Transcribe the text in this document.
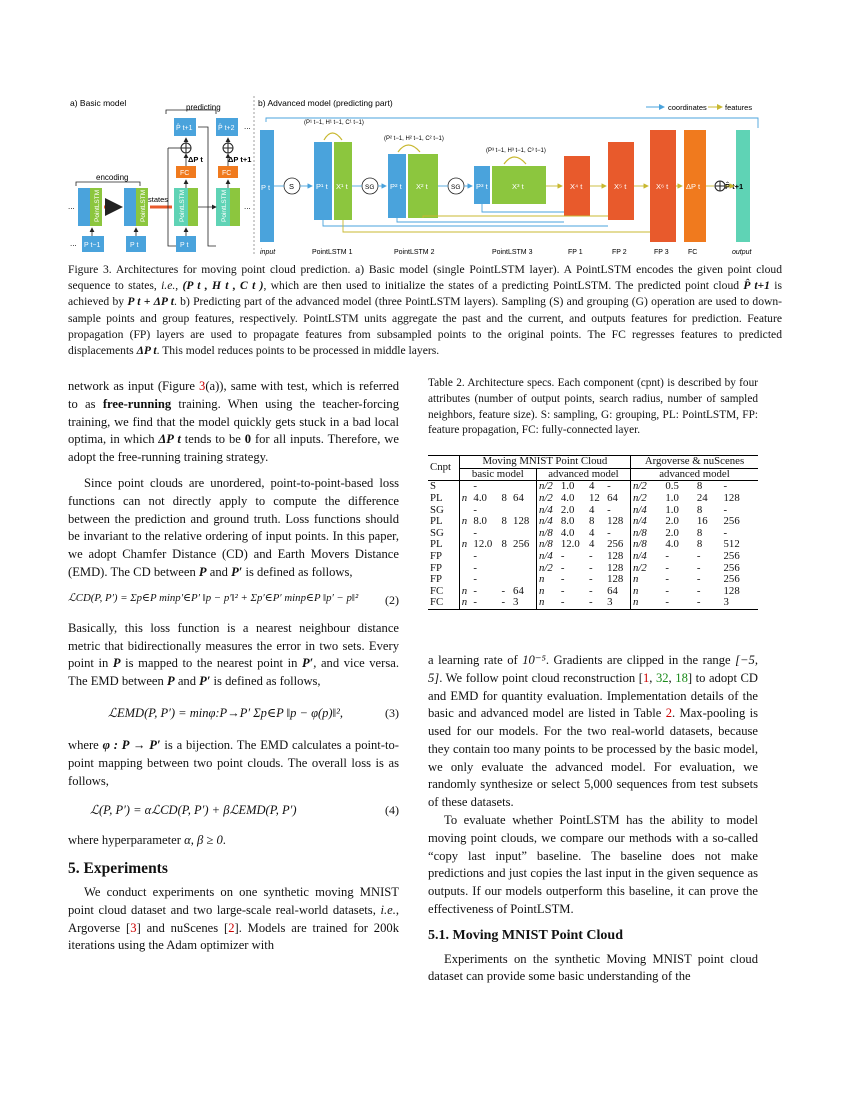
a) Basic model	predicting
encoding
states
PointLSTM	PointLSTM
...
P t−1
...	P t
PointLSTM	PointLSTM
FC	FC
ΔP t	ΔP t+1
P̂ t+1	P̂ t+2
P t
...
...
b) Advanced model (predicting part)	coordinates features
P t	S	P¹ t X¹ t
(P¹ t−1, H¹ t−1, C¹ t−1)
SG P² t X² t
(P² t−1, H² t−1, C² t−1)
SG P³ t	X³ t
(P³ t−1, H³ t−1, C³ t−1)
X⁴ t	X⁵ t	X⁶ t ΔP t	P̂ t+1
input	PointLSTM 1	PointLSTM 2	PointLSTM 3	FP 1	FP 2	FP 3	FC	output
Figure 3. Architectures for moving point cloud prediction. a) Basic model (single PointLSTM layer). A PointLSTM encodes the given point cloud sequence to states, i.e., (P t , H t , C t ), which are then used to initialize the states of a predicting PointLSTM. The predicted point cloud P̂ t+1 is achieved by P t + ΔP t. b) Predicting part of the advanced model (three PointLSTM layers). Sampling (S) and grouping (G) operation are used to down-sample points and group features, respectively. PointLSTM units aggregate the past and the current, and outputs features for prediction. Feature propagation (FP) layers are used to propagate features from subsampled points to the original points. The FC regresses features to predicted displacements ΔP t. This model reduces points to be processed in middle layers.

network as input (Figure 3(a)), same with test, which is referred to as free-running training. When using the teacher-forcing training, we find that the model quickly gets stuck in a bad local optima, in which ΔP t tends to be 0 for all inputs. Therefore, we adopt the free-running training strategy.

Since point clouds are unordered, point-to-point-based loss functions can not directly apply to compute the difference between the prediction and ground truth. Loss functions should be invariant to the relative ordering of input points. In this paper, we adopt Chamfer Distance (CD) and Earth Movers Distance (EMD). The CD between P and P′ is defined as follows,

ℒCD(P, P′) = Σp∈P minp′∈P′ ‖p − p′‖² + Σp′∈P′ minp∈P ‖p′ − p‖² (2)

Basically, this loss function is a nearest neighbour distance metric that bidirectionally measures the error in two sets. Every point in P is mapped to the nearest point in P′, and vice versa. The EMD between P and P′ is defined as follows,

ℒEMD(P, P′) = minφ:P→P′ Σp∈P ‖p − φ(p)‖²,	(3)

where φ : P → P′ is a bijection. The EMD calculates a point-to-point mapping between two point clouds. The overall loss is as follows,

ℒ(P, P′) = αℒCD(P, P′) + βℒEMD(P, P′)	(4)

where hyperparameter α, β ≥ 0.

5. Experiments

We conduct experiments on one synthetic moving MNIST point cloud dataset and two large-scale real-world datasets, i.e., Argoverse [3] and nuScenes [2]. Models are trained for 200k iterations using the Adam optimizer with

Table 2. Architecture specs. Each component (cpnt) is described by four attributes (number of output points, search radius, number of sampled neighbors, feature size). S: sampling, G: grouping, PL: PointLSTM, FP: feature propagation, FC: fully-connected layer.
Cnpt	Moving MNIST Point Cloud								Argoverse & nuScenes			
	basic model				advanced model				advanced model			
S		-			n/2	1.0	4	-	n/2	0.5	8	-
PL	n	4.0	8	64	n/2	4.0	12	64	n/2	1.0	24	128
SG		-			n/4	2.0	4	-	n/4	1.0	8	-
PL	n	8.0	8	128	n/4	8.0	8	128	n/4	2.0	16	256
SG		-			n/8	4.0	4	-	n/8	2.0	8	-
PL	n	12.0	8	256	n/8	12.0	4	256	n/8	4.0	8	512
FP		-			n/4	-	-	128	n/4	-	-	256
FP		-			n/2	-	-	128	n/2	-	-	256
FP		-			n	-	-	128	n	-	-	256
FC	n	-	-	64	n	-	-	64	n	-	-	128
FC	n	-	-	3	n	-	-	3	n	-	-	3

a learning rate of 10⁻⁵. Gradients are clipped in the range [−5, 5]. We follow point cloud reconstruction [1, 32, 18] to adopt CD and EMD for quantity evaluation. Implementation details of the basic and advanced model are listed in Table 2. Max-pooling is used for our models. For the two real-world datasets, because they contain too many points to be processed by the basic model, we only evaluate the advanced model. For evaluation, we randomly synthesize or select 5,000 sequences from test subsets of these datasets.

To evaluate whether PointLSTM has the ability to model moving point clouds, we compare our methods with a so-called “copy last input” baseline. The baseline does not make predictions and just copies the last input in the given sequence as outputs. If our models outperform this baseline, it can prove the effectiveness of PointLSTM.

5.1. Moving MNIST Point Cloud

Experiments on the synthetic Moving MNIST point cloud dataset can provide some basic understanding of the
